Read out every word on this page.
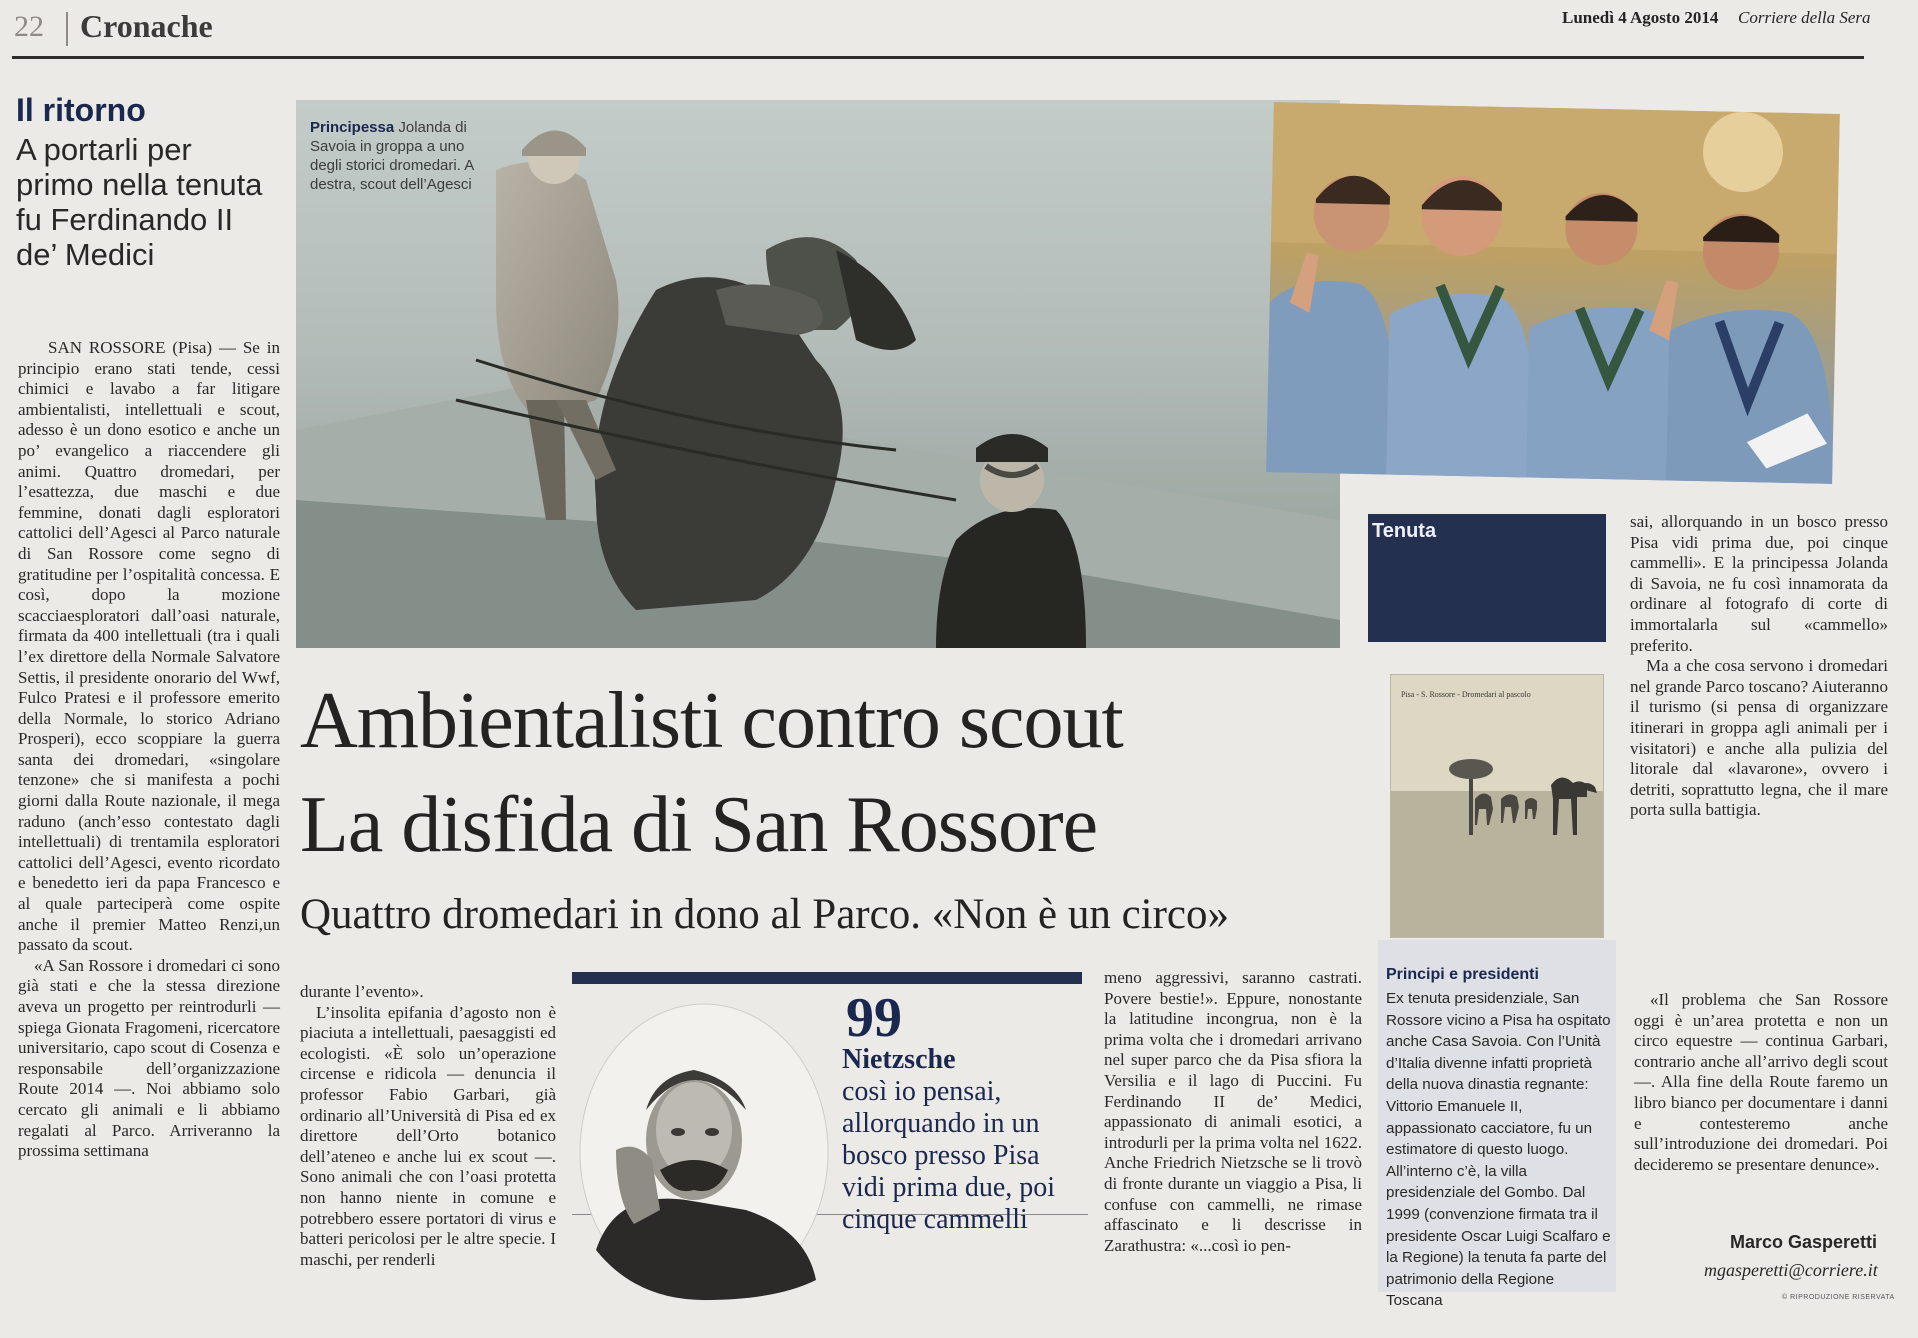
22 Cronache	Lunedì 4 Agosto 2014 Corriere della Sera
Il ritorno
A portarli per primo nella tenuta fu Ferdinando II de’ Medici
Principessa Jolanda di Savoia in groppa a uno degli storici dromedari. A destra, scout dell’Agesci
Ambientalisti contro scout
La disfida di San Rossore
Quattro dromedari in dono al Parco. «Non è un circo»

SAN ROSSORE (Pisa) — Se in principio erano stati tende, cessi chimici e lavabo a far litigare ambientalisti, intellettuali e scout, adesso è un dono esotico e anche un po’ evangelico a riaccendere gli animi. Quattro dromedari, per l’esattezza, due maschi e due femmine, donati dagli esploratori cattolici dell’Agesci al Parco naturale di San Rossore come segno di gratitudine per l’ospitalità concessa. E così, dopo la mozione scacciaesploratori dall’oasi naturale, firmata da 400 intellettuali (tra i quali l’ex direttore della Normale Salvatore Settis, il presidente onorario del Wwf, Fulco Pratesi e il professore emerito della Normale, lo storico Adriano Prosperi), ecco scoppiare la guerra santa dei dromedari, «singolare tenzone» che si manifesta a pochi giorni dalla Route nazionale, il mega raduno (anch’esso contestato dagli intellettuali) di trentamila esploratori cattolici dell’Agesci, evento ricordato e benedetto ieri da papa Francesco e al quale parteciperà come ospite anche il premier Matteo Renzi,un passato da scout.

«A San Rossore i dromedari ci sono già stati e che la stessa direzione aveva un progetto per reintrodurli — spiega Gionata Fragomeni, ricercatore universitario, capo scout di Cosenza e responsabile dell’organizzazione Route 2014 —. Noi abbiamo solo cercato gli animali e li abbiamo regalati al Parco. Arriveranno la prossima settimana

durante l’evento».

L’insolita epifania d’agosto non è piaciuta a intellettuali, paesaggisti ed ecologisti. «È solo un’operazione circense e ridicola — denuncia il professor Fabio Garbari, già ordinario all’Università di Pisa ed ex direttore dell’Orto botanico dell’ateneo e anche lui ex scout —. Sono animali che con l’oasi protetta non hanno niente in comune e potrebbero essere portatori di virus e batteri pericolosi per le altre specie. I maschi, per renderli

meno aggressivi, saranno castrati. Povere bestie!». Eppure, nonostante la latitudine incongrua, non è la prima volta che i dromedari arrivano nel super parco che da Pisa sfiora la Versilia e il lago di Puccini. Fu Ferdinando II de’ Medici, appassionato di animali esotici, a introdurli per la prima volta nel 1622. Anche Friedrich Nietzsche se li trovò di fronte durante un viaggio a Pisa, li confuse con cammelli, ne rimase affascinato e li descrisse in Zarathustra: «...così io pen-

sai, allorquando in un bosco presso Pisa vidi prima due, poi cinque cammelli». E la principessa Jolanda di Savoia, ne fu così innamorata da ordinare al fotografo di corte di immortalarla sul «cammello» preferito.

Ma a che cosa servono i dromedari nel grande Parco toscano? Aiuteranno il turismo (si pensa di organizzare itinerari in groppa agli animali per i visitatori) e anche alla pulizia del litorale dal «lavarone», ovvero i detriti, soprattutto legna, che il mare porta sulla battigia.

«Il problema che San Rossore oggi è un’area protetta e non un circo equestre — continua Garbari, contrario anche all’arrivo degli scout —. Alla fine della Route faremo un libro bianco per documentare i danni e contesteremo anche sull’introduzione dei dromedari. Poi decideremo se presentare denunce».

99
Nietzsche
così io pensai, allorquando in un bosco presso Pisa vidi prima due, poi cinque cammelli
Tenuta
Pisa - S. Rossore - Dromedari al pascolo
Principi e presidenti
Ex tenuta presidenziale, San Rossore vicino a Pisa ha ospitato anche Casa Savoia. Con l’Unità d’Italia divenne infatti proprietà della nuova dinastia regnante: Vittorio Emanuele II, appassionato cacciatore, fu un estimatore di questo luogo. All’interno c’è, la villa presidenziale del Gombo. Dal 1999 (convenzione firmata tra il presidente Oscar Luigi Scalfaro e la Regione) la tenuta fa parte del patrimonio della Regione Toscana
Marco Gasperetti
mgasperetti@corriere.it
© RIPRODUZIONE RISERVATA
